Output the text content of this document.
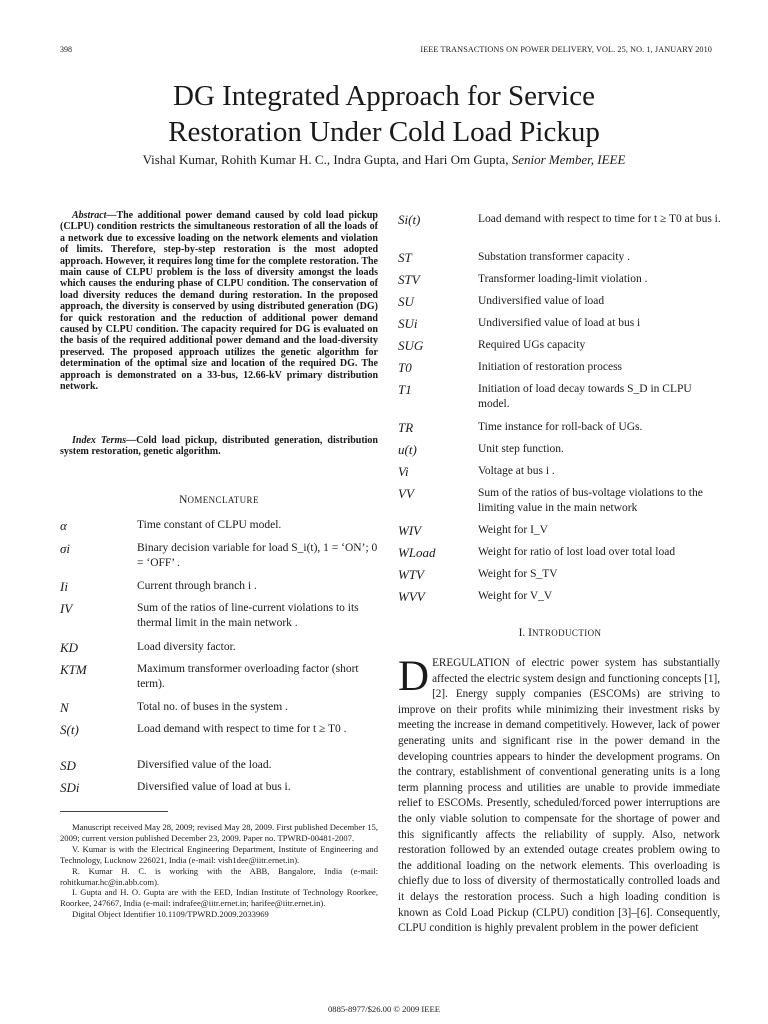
398	IEEE TRANSACTIONS ON POWER DELIVERY, VOL. 25, NO. 1, JANUARY 2010
DG Integrated Approach for Service
Restoration Under Cold Load Pickup
Vishal Kumar, Rohith Kumar H. C., Indra Gupta, and Hari Om Gupta, Senior Member, IEEE

Abstract—The additional power demand caused by cold load pickup (CLPU) condition restricts the simultaneous restoration of all the loads of a network due to excessive loading on the network elements and violation of limits. Therefore, step-by-step restoration is the most adopted approach. However, it requires long time for the complete restoration. The main cause of CLPU problem is the loss of diversity amongst the loads which causes the enduring phase of CLPU condition. The conservation of load diversity reduces the demand during restoration. In the proposed approach, the diversity is conserved by using distributed generation (DG) for quick restoration and the reduction of additional power demand caused by CLPU condition. The capacity required for DG is evaluated on the basis of the required additional power demand and the load-diversity preserved. The proposed approach utilizes the genetic algorithm for determination of the optimal size and location of the required DG. The approach is demonstrated on a 33-bus, 12.66-kV primary distribution network.

Index Terms—Cold load pickup, distributed generation, distribution system restoration, genetic algorithm.

NOMENCLATURE
α	Time constant of CLPU model.
σi	Binary decision variable for load S_i(t), 1 = ‘ON’; 0 = ‘OFF’ .
Ii	Current through branch i .
IV	Sum of the ratios of line-current violations to its thermal limit in the main network .
KD	Load diversity factor.
KTM	Maximum transformer overloading factor (short term).
N	Total no. of buses in the system .
S(t)	Load demand with respect to time for t ≥ T0 .
SD	Diversified value of the load.
SDi	Diversified value of load at bus i.
Si(t)	Load demand with respect to time for t ≥ T0 at bus i.
ST	Substation transformer capacity .
STV	Transformer loading-limit violation .
SU	Undiversified value of load
SUi	Undiversified value of load at bus i
SUG	Required UGs capacity
T0	Initiation of restoration process
T1	Initiation of load decay towards S_D in CLPU model.
TR	Time instance for roll-back of UGs.
u(t)	Unit step function.
Vi	Voltage at bus i .
VV	Sum of the ratios of bus-voltage violations to the limiting value in the main network
WIV	Weight for I_V
WLoad	Weight for ratio of lost load over total load
WTV	Weight for S_TV
WVV	Weight for V_V
I. INTRODUCTION

DEREGULATION of electric power system has substantially affected the electric system design and functioning concepts [1], [2]. Energy supply companies (ESCOMs) are striving to improve on their profits while minimizing their investment risks by meeting the increase in demand competitively. However, lack of power generating units and significant rise in the power demand in the developing countries appears to hinder the development programs. On the contrary, establishment of conventional generating units is a long term planning process and utilities are unable to provide immediate relief to ESCOMs. Presently, scheduled/forced power interruptions are the only viable solution to compensate for the shortage of power and this significantly affects the reliability of supply. Also, network restoration followed by an extended outage creates problem owing to the additional loading on the network elements. This overloading is chiefly due to loss of diversity of thermostatically controlled loads and it delays the restoration process. Such a high loading condition is known as Cold Load Pickup (CLPU) condition [3]–[6]. Consequently, CLPU condition is highly prevalent problem in the power deficient

Manuscript received May 28, 2009; revised May 28, 2009. First published December 15, 2009; current version published December 23, 2009. Paper no. TPWRD-00481-2007.

V. Kumar is with the Electrical Engineering Department, Institute of Engineering and Technology, Lucknow 226021, India (e-mail: vish1dee@iitr.ernet.in).

R. Kumar H. C. is working with the ABB, Bangalore, India (e-mail: rohitkumar.hc@in.abb.com).

I. Gupta and H. O. Gupta are with the EED, Indian Institute of Technology Roorkee, Roorkee, 247667, India (e-mail: indrafee@iitr.ernet.in; harifee@iitr.ernet.in).

Digital Object Identifier 10.1109/TPWRD.2009.2033969

0885-8977/$26.00 © 2009 IEEE
